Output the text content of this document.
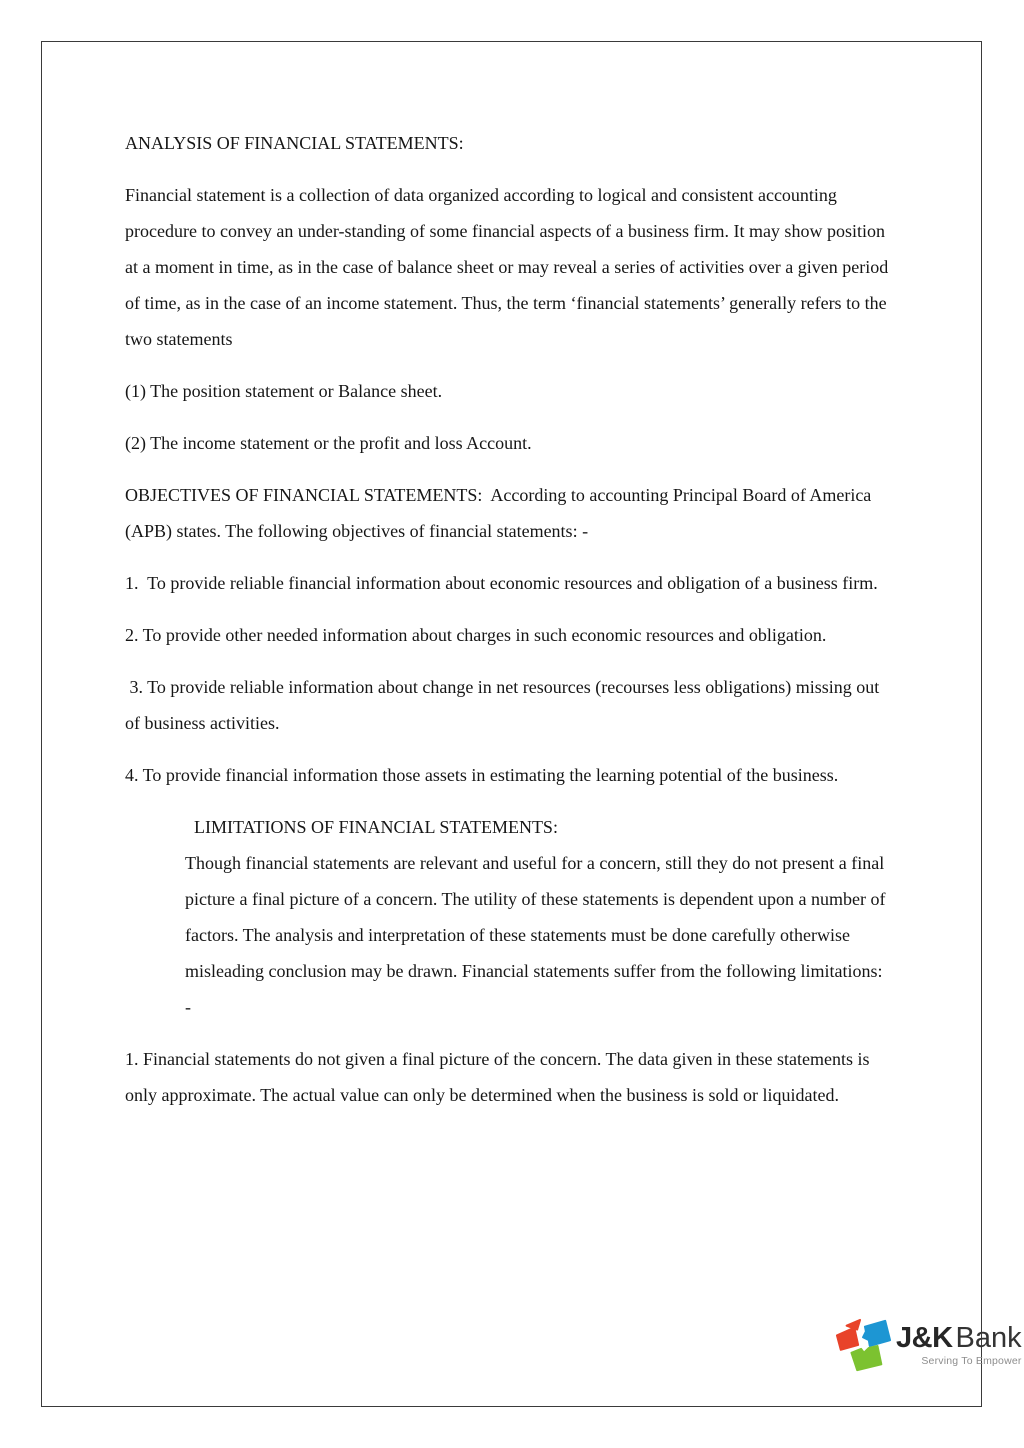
ANALYSIS OF FINANCIAL STATEMENTS:

Financial statement is a collection of data organized according to logical and consistent accounting procedure to convey an under-standing of some financial aspects of a business firm. It may show position at a moment in time, as in the case of balance sheet or may reveal a series of activities over a given period of time, as in the case of an income statement. Thus, the term ‘financial statements’ generally refers to the two statements

(1) The position statement or Balance sheet.

(2) The income statement or the profit and loss Account.

OBJECTIVES OF FINANCIAL STATEMENTS:  According to accounting Principal Board of America (APB) states. The following objectives of financial statements: -

1.  To provide reliable financial information about economic resources and obligation of a business firm.

2. To provide other needed information about charges in such economic resources and obligation.

3. To provide reliable information about change in net resources (recourses less obligations) missing out of business activities.

4. To provide financial information those assets in estimating the learning potential of the business.

LIMITATIONS OF FINANCIAL STATEMENTS:

Though financial statements are relevant and useful for a concern, still they do not present a final picture a final picture of a concern. The utility of these statements is dependent upon a number of factors. The analysis and interpretation of these statements must be done carefully otherwise misleading conclusion may be drawn. Financial statements suffer from the following limitations: -

1. Financial statements do not given a final picture of the concern. The data given in these statements is only approximate. The actual value can only be determined when the business is sold or liquidated.

J&K Bank
Serving To Empower
